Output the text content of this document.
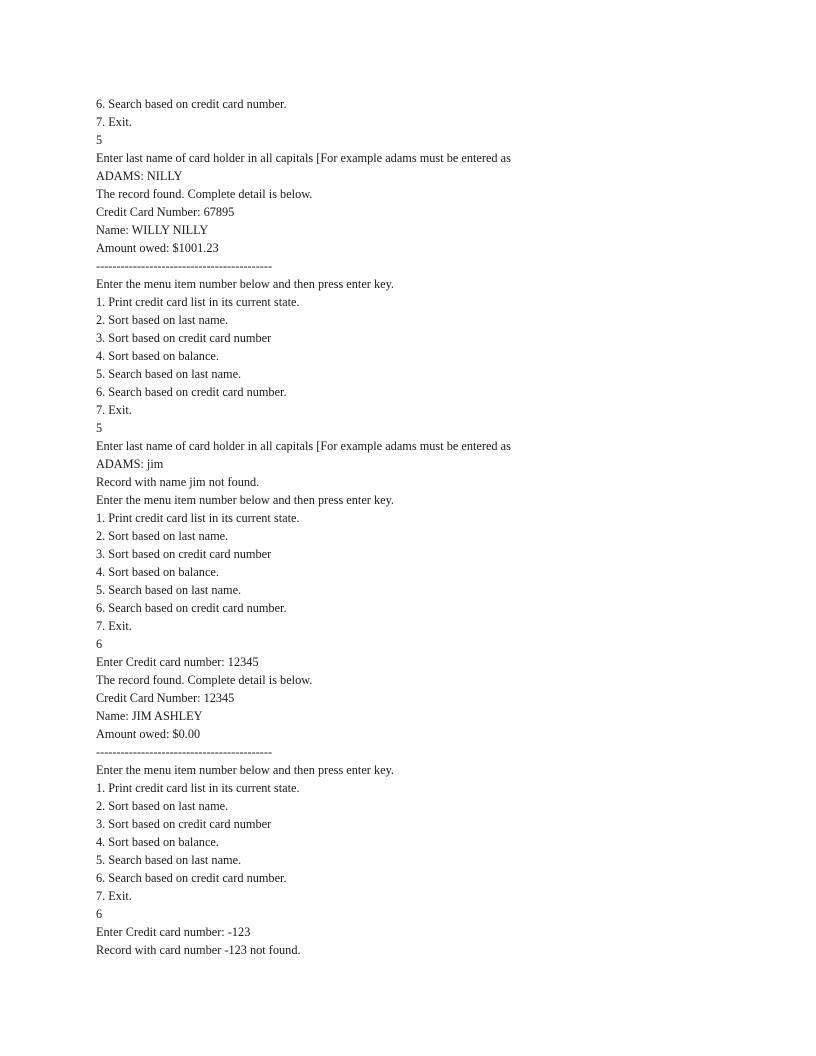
6. Search based on credit card number.
7. Exit.
5
Enter last name of card holder in all capitals [For example adams must be entered as
ADAMS: NILLY
The record found. Complete detail is below.
Credit Card Number: 67895
Name: WILLY NILLY
Amount owed: $1001.23
-------------------------------------------
Enter the menu item number below and then press enter key.
1. Print credit card list in its current state.
2. Sort based on last name.
3. Sort based on credit card number
4. Sort based on balance.
5. Search based on last name.
6. Search based on credit card number.
7. Exit.
5
Enter last name of card holder in all capitals [For example adams must be entered as
ADAMS: jim
Record with name jim not found.
Enter the menu item number below and then press enter key.
1. Print credit card list in its current state.
2. Sort based on last name.
3. Sort based on credit card number
4. Sort based on balance.
5. Search based on last name.
6. Search based on credit card number.
7. Exit.
6
Enter Credit card number: 12345
The record found. Complete detail is below.
Credit Card Number: 12345
Name: JIM ASHLEY
Amount owed: $0.00
-------------------------------------------
Enter the menu item number below and then press enter key.
1. Print credit card list in its current state.
2. Sort based on last name.
3. Sort based on credit card number
4. Sort based on balance.
5. Search based on last name.
6. Search based on credit card number.
7. Exit.
6
Enter Credit card number: -123
Record with card number -123 not found.
